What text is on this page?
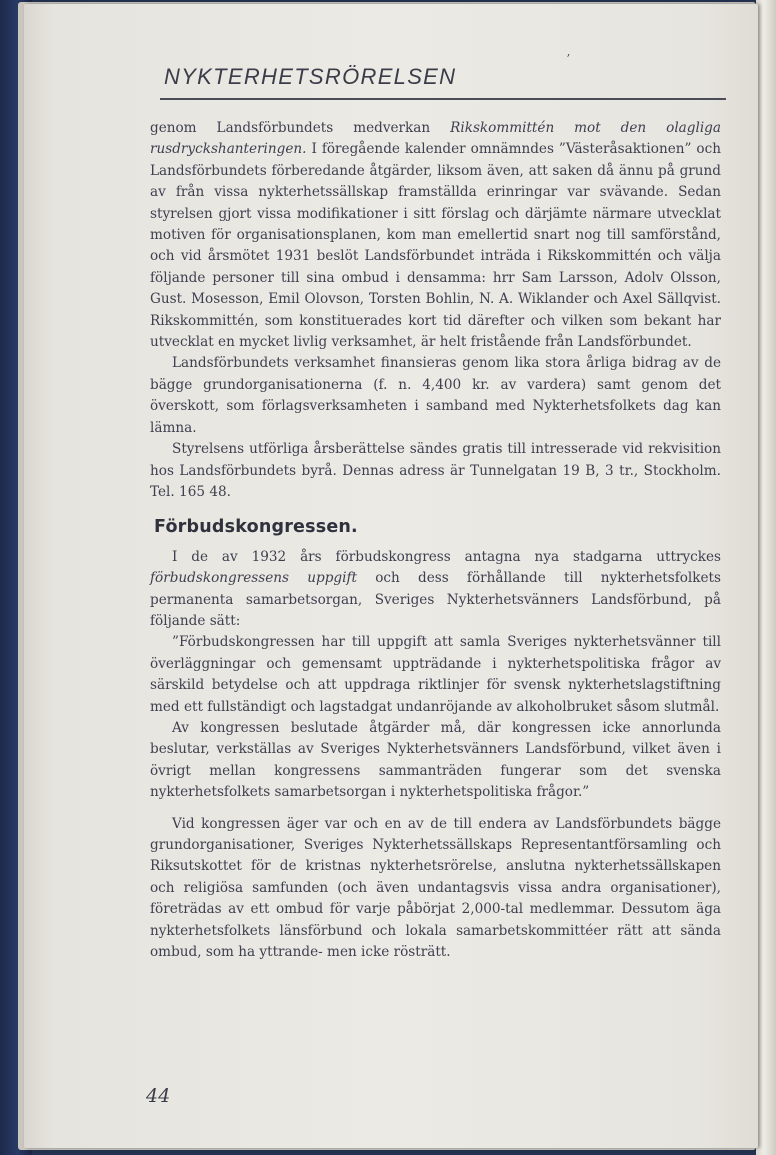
ʼ
NYKTERHETSRÖRELSEN

genom Landsförbundets medverkan Rikskommittén mot den olagliga rusdryckshanteringen. I föregående kalender omnämndes ”Västeråsaktionen” och Landsförbundets förberedande åtgärder, liksom även, att saken då ännu på grund av från vissa nykterhetssällskap framställda erinringar var svävande. Sedan styrelsen gjort vissa modifikationer i sitt förslag och därjämte närmare utvecklat motiven för organisationsplanen, kom man emellertid snart nog till samförstånd, och vid årsmötet 1931 beslöt Landsförbundet inträda i Rikskommittén och välja följande personer till sina ombud i densamma: hrr Sam Larsson, Adolv Olsson, Gust. Mosesson, Emil Olovson, Torsten Bohlin, N. A. Wiklander och Axel Sällqvist. Rikskommittén, som konstituerades kort tid därefter och vilken som bekant har utvecklat en mycket livlig verksamhet, är helt fristående från Landsförbundet.

Landsförbundets verksamhet finansieras genom lika stora årliga bidrag av de bägge grundorganisationerna (f. n. 4,400 kr. av vardera) samt genom det överskott, som förlagsverksamheten i samband med Nykterhetsfolkets dag kan lämna.

Styrelsens utförliga årsberättelse sändes gratis till intresserade vid rekvisition hos Landsförbundets byrå. Dennas adress är Tunnelgatan 19 B, 3 tr., Stockholm. Tel. 165 48.

Förbudskongressen.

I de av 1932 års förbudskongress antagna nya stadgarna uttryckes förbudskongressens uppgift och dess förhållande till nykterhetsfolkets permanenta samarbetsorgan, Sveriges Nykterhetsvänners Landsförbund, på följande sätt:

”Förbudskongressen har till uppgift att samla Sveriges nykterhetsvänner till överläggningar och gemensamt uppträdande i nykterhetspolitiska frågor av särskild betydelse och att uppdraga riktlinjer för svensk nykterhetslagstiftning med ett fullständigt och lagstadgat undanröjande av alkoholbruket såsom slutmål.

Av kongressen beslutade åtgärder må, där kongressen icke annorlunda beslutar, verkställas av Sveriges Nykterhetsvänners Landsförbund, vilket även i övrigt mellan kongressens sammanträden fungerar som det svenska nykterhetsfolkets samarbetsorgan i nykterhetspolitiska frågor.”

Vid kongressen äger var och en av de till endera av Landsförbundets bägge grundorganisationer, Sveriges Nykterhetssällskaps Representantförsamling och Riksutskottet för de kristnas nykterhetsrörelse, anslutna nykterhetssällskapen och religiösa samfunden (och även undantagsvis vissa andra organisationer), företrädas av ett ombud för varje påbörjat 2,000-tal medlemmar. Dessutom äga nykterhetsfolkets länsförbund och lokala samarbetskommittéer rätt att sända ombud, som ha yttrande- men icke rösträtt.

44
